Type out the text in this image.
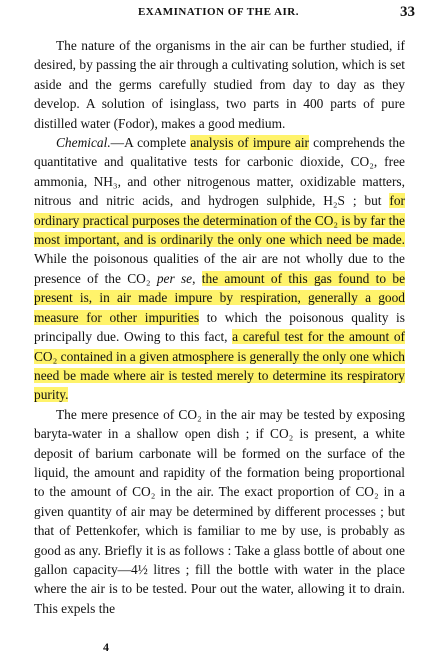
EXAMINATION OF THE AIR.	33

The nature of the organisms in the air can be further studied, if desired, by passing the air through a cultivating solution, which is set aside and the germs carefully studied from day to day as they develop. A solution of isinglass, two parts in 400 parts of pure distilled water (Fodor), makes a good medium.

Chemical.—A complete analysis of impure air comprehends the quantitative and qualitative tests for carbonic dioxide, CO₂, free ammonia, NH₃, and other nitrogenous matter, oxidizable matters, nitrous and nitric acids, and hydrogen sulphide, H₂S ; but for ordinary practical purposes the determination of the CO₂ is by far the most important, and is ordinarily the only one which need be made. While the poisonous qualities of the air are not wholly due to the presence of the CO₂ per se, the amount of this gas found to be present is, in air made impure by respiration, generally a good measure for other impurities to which the poisonous quality is principally due. Owing to this fact, a careful test for the amount of CO₂ contained in a given atmosphere is generally the only one which need be made where air is tested merely to determine its respiratory purity.

The mere presence of CO₂ in the air may be tested by exposing baryta-water in a shallow open dish ; if CO₂ is present, a white deposit of barium carbonate will be formed on the surface of the liquid, the amount and rapidity of the formation being proportional to the amount of CO₂ in the air. The exact proportion of CO₂ in a given quantity of air may be determined by different processes ; but that of Pettenkofer, which is familiar to me by use, is probably as good as any. Briefly it is as follows : Take a glass bottle of about one gallon capacity—4½ litres ; fill the bottle with water in the place where the air is to be tested. Pour out the water, allowing it to drain. This expels the

4
